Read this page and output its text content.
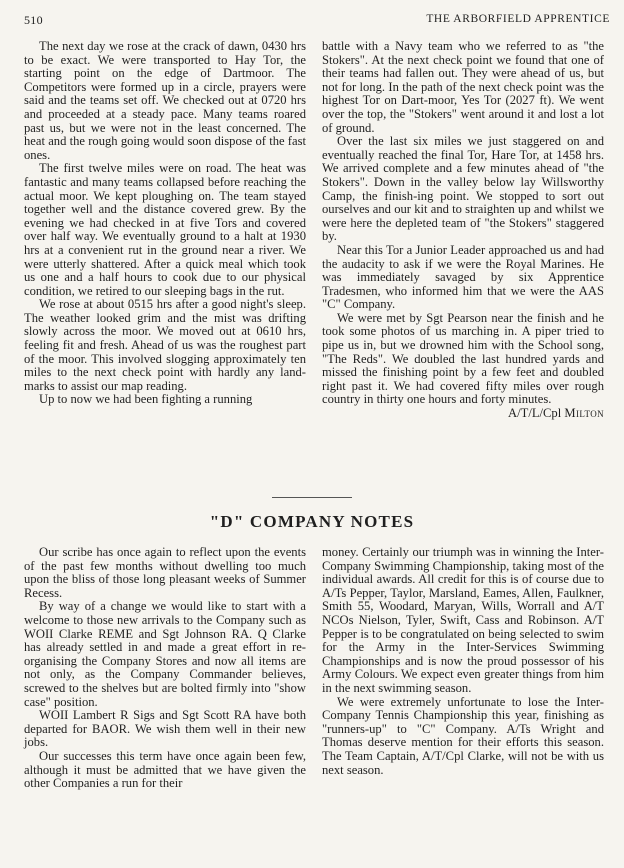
510	THE ARBORFIELD APPRENTICE

The next day we rose at the crack of dawn, 0430 hrs to be exact. We were transported to Hay Tor, the starting point on the edge of Dartmoor. The Competitors were formed up in a circle, prayers were said and the teams set off. We checked out at 0720 hrs and proceeded at a steady pace. Many teams roared past us, but we were not in the least concerned. The heat and the rough going would soon dispose of the fast ones.

The first twelve miles were on road. The heat was fantastic and many teams collapsed before reaching the actual moor. We kept ploughing on. The team stayed together well and the distance covered grew. By the evening we had checked in at five Tors and covered over half way. We eventually ground to a halt at 1930 hrs at a convenient rut in the ground near a river. We were utterly shattered. After a quick meal which took us one and a half hours to cook due to our physical condition, we retired to our sleeping bags in the rut.

We rose at about 0515 hrs after a good night's sleep. The weather looked grim and the mist was drifting slowly across the moor. We moved out at 0610 hrs, feeling fit and fresh. Ahead of us was the roughest part of the moor. This involved slogging approximately ten miles to the next check point with hardly any land-marks to assist our map reading.

Up to now we had been fighting a running

battle with a Navy team who we referred to as "the Stokers". At the next check point we found that one of their teams had fallen out. They were ahead of us, but not for long. In the path of the next check point was the highest Tor on Dart-moor, Yes Tor (2027 ft). We went over the top, the "Stokers" went around it and lost a lot of ground.

Over the last six miles we just staggered on and eventually reached the final Tor, Hare Tor, at 1458 hrs. We arrived complete and a few minutes ahead of "the Stokers". Down in the valley below lay Willsworthy Camp, the finish-ing point. We stopped to sort out ourselves and our kit and to straighten up and whilst we were here the depleted team of "the Stokers" staggered by.

Near this Tor a Junior Leader approached us and had the audacity to ask if we were the Royal Marines. He was immediately savaged by six Apprentice Tradesmen, who informed him that we were the AAS "C" Company.

We were met by Sgt Pearson near the finish and he took some photos of us marching in. A piper tried to pipe us in, but we drowned him with the School song, "The Reds". We doubled the last hundred yards and missed the finishing point by a few feet and doubled right past it. We had covered fifty miles over rough country in thirty one hours and forty minutes.

A/T/L/Cpl Milton
"D" COMPANY NOTES

Our scribe has once again to reflect upon the events of the past few months without dwelling too much upon the bliss of those long pleasant weeks of Summer Recess.

By way of a change we would like to start with a welcome to those new arrivals to the Company such as WOII Clarke REME and Sgt Johnson RA. Q Clarke has already settled in and made a great effort in re-organising the Company Stores and now all items are not only, as the Company Commander believes, screwed to the shelves but are bolted firmly into "show case" position.

WOII Lambert R Sigs and Sgt Scott RA have both departed for BAOR. We wish them well in their new jobs.

Our successes this term have once again been few, although it must be admitted that we have given the other Companies a run for their

money. Certainly our triumph was in winning the Inter-Company Swimming Championship, taking most of the individual awards. All credit for this is of course due to A/Ts Pepper, Taylor, Marsland, Eames, Allen, Faulkner, Smith 55, Woodard, Maryan, Wills, Worrall and A/T NCOs Nielson, Tyler, Swift, Cass and Robinson. A/T Pepper is to be congratulated on being selected to swim for the Army in the Inter-Services Swimming Championships and is now the proud possessor of his Army Colours. We expect even greater things from him in the next swimming season.

We were extremely unfortunate to lose the Inter-Company Tennis Championship this year, finishing as "runners-up" to "C" Company. A/Ts Wright and Thomas deserve mention for their efforts this season. The Team Captain, A/T/Cpl Clarke, will not be with us next season.
